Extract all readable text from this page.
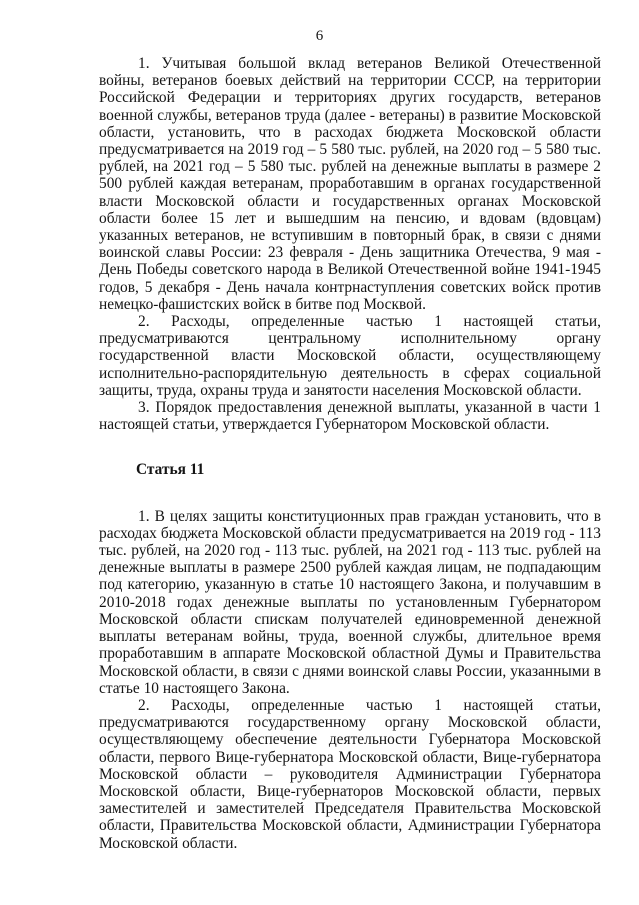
6

1. Учитывая большой вклад ветеранов Великой Отечественной войны, ветеранов боевых действий на территории СССР, на территории Российской Федерации и территориях других государств, ветеранов военной службы, ветеранов труда (далее - ветераны) в развитие Московской области, установить, что в расходах бюджета Московской области предусматривается на 2019 год – 5 580 тыс. рублей, на 2020 год – 5 580 тыс. рублей, на 2021 год – 5 580 тыс. рублей на денежные выплаты в размере 2 500 рублей каждая ветеранам, проработавшим в органах государственной власти Московской области и государственных органах Московской области более 15 лет и вышедшим на пенсию, и вдовам (вдовцам) указанных ветеранов, не вступившим в повторный брак, в связи с днями воинской славы России: 23 февраля - День защитника Отечества, 9 мая - День Победы советского народа в Великой Отечественной войне 1941-1945 годов, 5 декабря - День начала контрнаступления советских войск против немецко-фашистских войск в битве под Москвой.

2. Расходы, определенные частью 1 настоящей статьи, предусматриваются центральному исполнительному органу государственной власти Московской области, осуществляющему исполнительно-распорядительную деятельность в сферах социальной защиты, труда, охраны труда и занятости населения Московской области.

3. Порядок предоставления денежной выплаты, указанной в части 1 настоящей статьи, утверждается Губернатором Московской области.

Статья 11

1. В целях защиты конституционных прав граждан установить, что в расходах бюджета Московской области предусматривается на 2019 год - 113 тыс. рублей, на 2020 год - 113 тыс. рублей, на 2021 год - 113 тыс. рублей на денежные выплаты в размере 2500 рублей каждая лицам, не подпадающим под категорию, указанную в статье 10 настоящего Закона, и получавшим в 2010-2018 годах денежные выплаты по установленным Губернатором Московской области спискам получателей единовременной денежной выплаты ветеранам войны, труда, военной службы, длительное время проработавшим в аппарате Московской областной Думы и Правительства Московской области, в связи с днями воинской славы России, указанными в статье 10 настоящего Закона.

2. Расходы, определенные частью 1 настоящей статьи, предусматриваются государственному органу Московской области, осуществляющему обеспечение деятельности Губернатора Московской области, первого Вице-губернатора Московской области, Вице-губернатора Московской области – руководителя Администрации Губернатора Московской области, Вице-губернаторов Московской области, первых заместителей и заместителей Председателя Правительства Московской области, Правительства Московской области, Администрации Губернатора Московской области.
